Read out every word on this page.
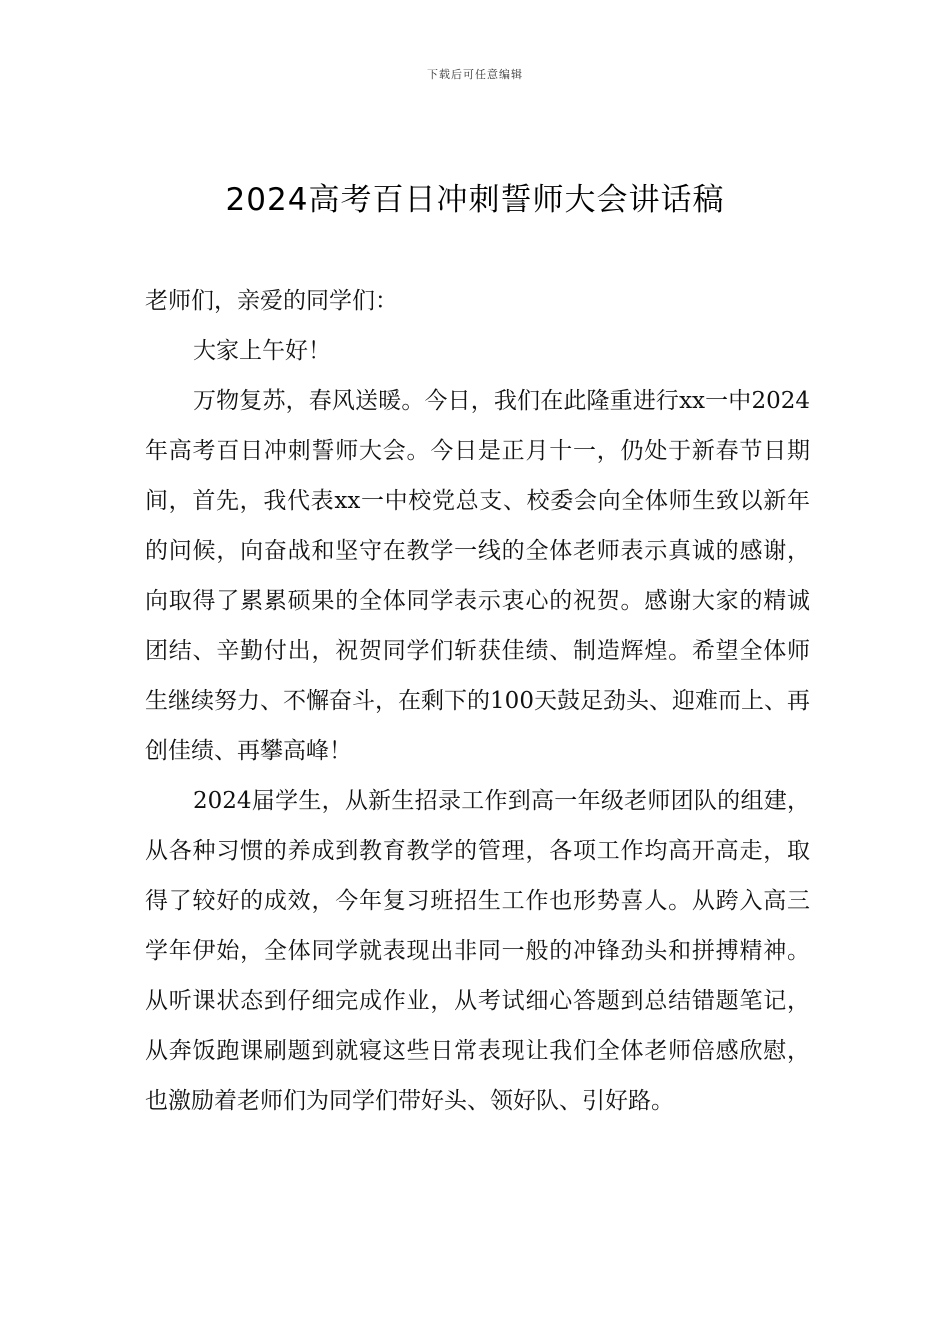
下载后可任意编辑
2024高考百日冲刺誓师大会讲话稿

老师们，亲爱的同学们：

大家上午好！

万物复苏，春风送暖。今日，我们在此隆重进行xx一中2024年高考百日冲刺誓师大会。今日是正月十一，仍处于新春节日期间，首先，我代表xx一中校党总支、校委会向全体师生致以新年的问候，向奋战和坚守在教学一线的全体老师表示真诚的感谢，向取得了累累硕果的全体同学表示衷心的祝贺。感谢大家的精诚团结、辛勤付出，祝贺同学们斩获佳绩、制造辉煌。希望全体师生继续努力、不懈奋斗，在剩下的100天鼓足劲头、迎难而上、再创佳绩、再攀高峰！

2024届学生，从新生招录工作到高一年级老师团队的组建，从各种习惯的养成到教育教学的管理，各项工作均高开高走，取得了较好的成效，今年复习班招生工作也形势喜人。从跨入高三学年伊始，全体同学就表现出非同一般的冲锋劲头和拼搏精神。从听课状态到仔细完成作业，从考试细心答题到总结错题笔记，从奔饭跑课刷题到就寝这些日常表现让我们全体老师倍感欣慰，也激励着老师们为同学们带好头、领好队、引好路。
